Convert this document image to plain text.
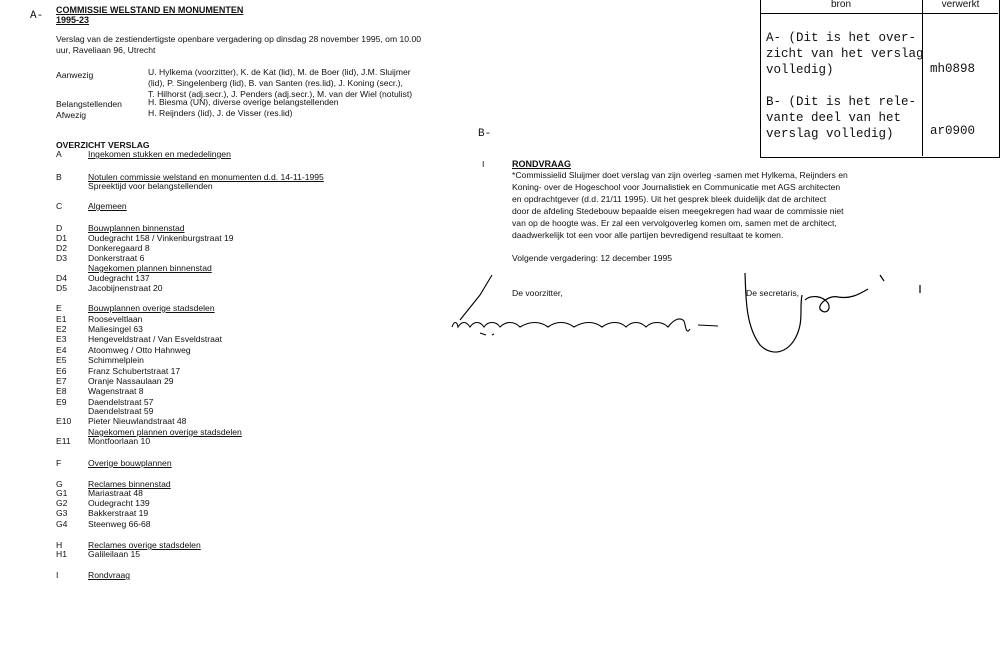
A- COMMISSIE WELSTAND EN MONUMENTEN
1995-23
Verslag van de zestiendertigste openbare vergadering op dinsdag 28 november 1995, om 10.00
uur, Raveliaan 96, Utrecht
Aanwezig	U. Hylkema (voorzitter), K. de Kat (lid), M. de Boer (lid), J.M. Sluijmer
(lid), P. Singelenberg (lid), B. van Santen (res.lid), J. Koning (secr.),
T. Hilhorst (adj.secr.), J. Penders (adj.secr.), M. van der Wiel (notulist)
Belangstellenden	H. Biesma (UN), diverse overige belangstellenden
Afwezig	H. Reijnders (lid), J. de Visser (res.lid)
OVERZICHT VERSLAG
A	Ingekomen stukken en mededelingen
B	Notulen commissie welstand en monumenten d.d. 14-11-1995
Spreektijd voor belangstellenden
C	Algemeen
D	Bouwplannen binnenstad
D1 Oudegracht 158 / Vinkenburgstraat 19
D2 Donkeregaard 8
D3 Donkerstraat 6
Nagekomen plannen binnenstad
D4 Oudegracht 137
D5 Jacobijnenstraat 20
E	Bouwplannen overige stadsdelen
E1 Rooseveltlaan
E2 Maliesingel 63
E3 Hengeveldstraat / Van Esveldstraat
E4 Atoomweg / Otto Hahnweg
E5 Schimmelplein
E6 Franz Schubertstraat 17
E7 Oranje Nassaulaan 29
E8 Wagenstraat 8
E9 Daendelstraat 57
Daendelstraat 59
E10 Pieter Nieuwlandstraat 48
Nagekomen plannen overige stadsdelen
E11 Montfoorlaan 10
F	Overige bouwplannen
G	Reclames binnenstad
G1 Mariastraat 48
G2 Oudegracht 139
G3 Bakkerstraat 19
G4 Steenweg 66-68
H	Reclames overige stadsdelen
H1 Galileilaan 15
I	Rondvraag
B-
I	RONDVRAAG
*Commissielid Sluijmer doet verslag van zijn overleg -samen met Hylkema, Reijnders en
Koning- over de Hogeschool voor Journalistiek en Communicatie met AGS architecten
en opdrachtgever (d.d. 21/11 1995). Uit het gesprek bleek duidelijk dat de architect
door de afdeling Stedebouw bepaalde eisen meegekregen had waar de commissie niet
van op de hoogte was. Er zal een vervolgoverleg komen om, samen met de architect,
daadwerkelijk tot een voor alle partijen bevredigend resultaat te komen.
Volgende vergadering: 12 december 1995
De voorzitter,	De secretaris,
bron	verwerkt
A- (Dit is het over-
zicht van het verslag
volledig)	mh0898
B- (Dit is het rele-
vante deel van het
verslag volledig)	ar0900
